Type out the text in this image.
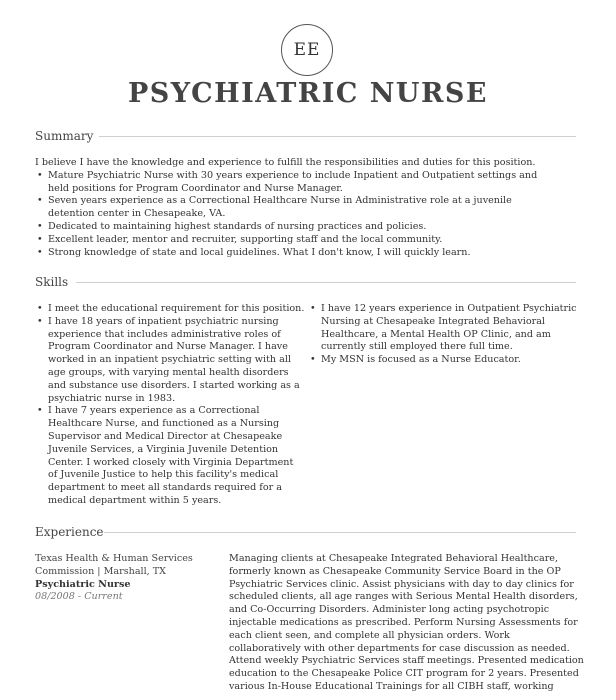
EE
PSYCHIATRIC NURSE
Summary
I believe I have the knowledge and experience to fulfill the responsibilities and duties for this position.
• Mature Psychiatric Nurse with 30 years experience to include Inpatient and Outpatient settings and held positions for Program Coordinator and Nurse Manager.
• Seven years experience as a Correctional Healthcare Nurse in Administrative role at a juvenile detention center in Chesapeake, VA.
• Dedicated to maintaining highest standards of nursing practices and policies.
• Excellent leader, mentor and recruiter, supporting staff and the local community.
• Strong knowledge of state and local guidelines. What I don't know, I will quickly learn.
Skills
• I meet the educational requirement for this position.
• I have 18 years of inpatient psychiatric nursing experience that includes administrative roles of Program Coordinator and Nurse Manager. I have worked in an inpatient psychiatric setting with all age groups, with varying mental health disorders and substance use disorders. I started working as a psychiatric nurse in 1983.
• I have 7 years experience as a Correctional Healthcare Nurse, and functioned as a Nursing Supervisor and Medical Director at Chesapeake Juvenile Services, a Virginia Juvenile Detention Center. I worked closely with Virginia Department of Juvenile Justice to help this facility's medical department to meet all standards required for a medical department within 5 years.
• I have 12 years experience in Outpatient Psychiatric Nursing at Chesapeake Integrated Behavioral Healthcare, a Mental Health OP Clinic, and am currently still employed there full time.
• My MSN is focused as a Nurse Educator.
Experience
Texas Health & Human Services Commission | Marshall, TX
Psychiatric Nurse
08/2008 - Current
Managing clients at Chesapeake Integrated Behavioral Healthcare, formerly known as Chesapeake Community Service Board in the OP Psychiatric Services clinic. Assist physicians with day to day clinics for scheduled clients, all age ranges with Serious Mental Health disorders, and Co-Occurring Disorders. Administer long acting psychotropic injectable medications as prescribed. Perform Nursing Assessments for each client seen, and complete all physician orders. Work collaboratively with other departments for case discussion as needed. Attend weekly Psychiatric Services staff meetings. Presented medication education to the Chesapeake Police CIT program for 2 years. Presented various In-House Educational Trainings for all CIBH staff, working
